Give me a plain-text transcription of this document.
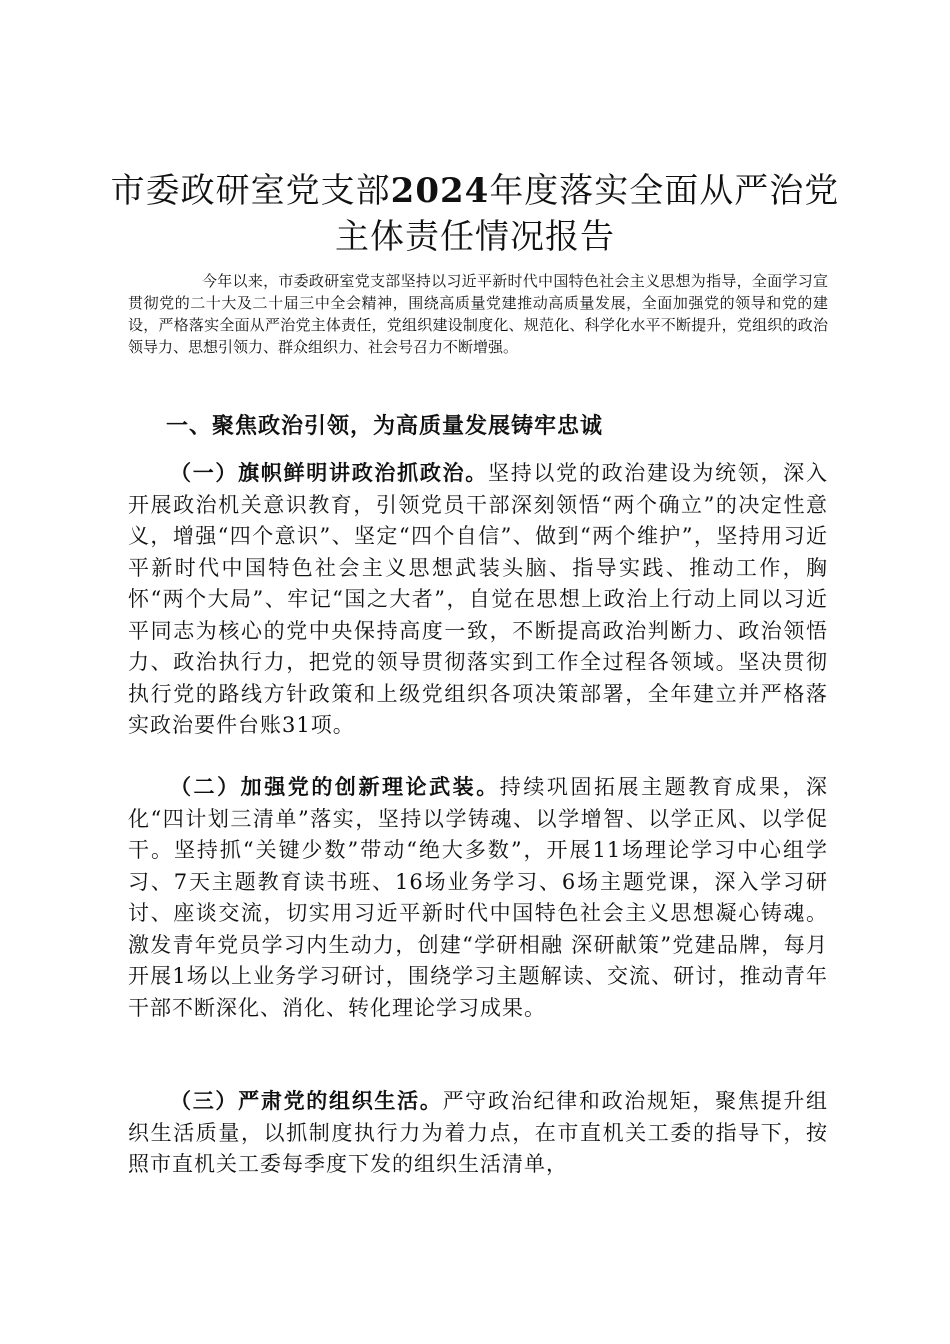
市委政研室党支部2024年度落实全面从严治党主体责任情况报告
今年以来，市委政研室党支部坚持以习近平新时代中国特色社会主义思想为指导，全面学习宣贯彻党的二十大及二十届三中全会精神，围绕高质量党建推动高质量发展，全面加强党的领导和党的建设，严格落实全面从严治党主体责任，党组织建设制度化、规范化、科学化水平不断提升，党组织的政治领导力、思想引领力、群众组织力、社会号召力不断增强。
一、聚焦政治引领，为高质量发展铸牢忠诚
（一）旗帜鲜明讲政治抓政治。坚持以党的政治建设为统领，深入开展政治机关意识教育，引领党员干部深刻领悟“两个确立”的决定性意义，增强“四个意识”、坚定“四个自信”、做到“两个维护”，坚持用习近平新时代中国特色社会主义思想武装头脑、指导实践、推动工作，胸怀“两个大局”、牢记“国之大者”，自觉在思想上政治上行动上同以习近平同志为核心的党中央保持高度一致，不断提高政治判断力、政治领悟力、政治执行力，把党的领导贯彻落实到工作全过程各领域。坚决贯彻执行党的路线方针政策和上级党组织各项决策部署，全年建立并严格落实政治要件台账31项。
（二）加强党的创新理论武装。持续巩固拓展主题教育成果，深化“四计划三清单”落实，坚持以学铸魂、以学增智、以学正风、以学促干。坚持抓“关键少数”带动“绝大多数”，开展11场理论学习中心组学习、7天主题教育读书班、16场业务学习、6场主题党课，深入学习研讨、座谈交流，切实用习近平新时代中国特色社会主义思想凝心铸魂。激发青年党员学习内生动力，创建“学研相融 深研献策”党建品牌，每月开展1场以上业务学习研讨，围绕学习主题解读、交流、研讨，推动青年干部不断深化、消化、转化理论学习成果。
（三）严肃党的组织生活。严守政治纪律和政治规矩，聚焦提升组织生活质量，以抓制度执行力为着力点，在市直机关工委的指导下，按照市直机关工委每季度下发的组织生活清单，
